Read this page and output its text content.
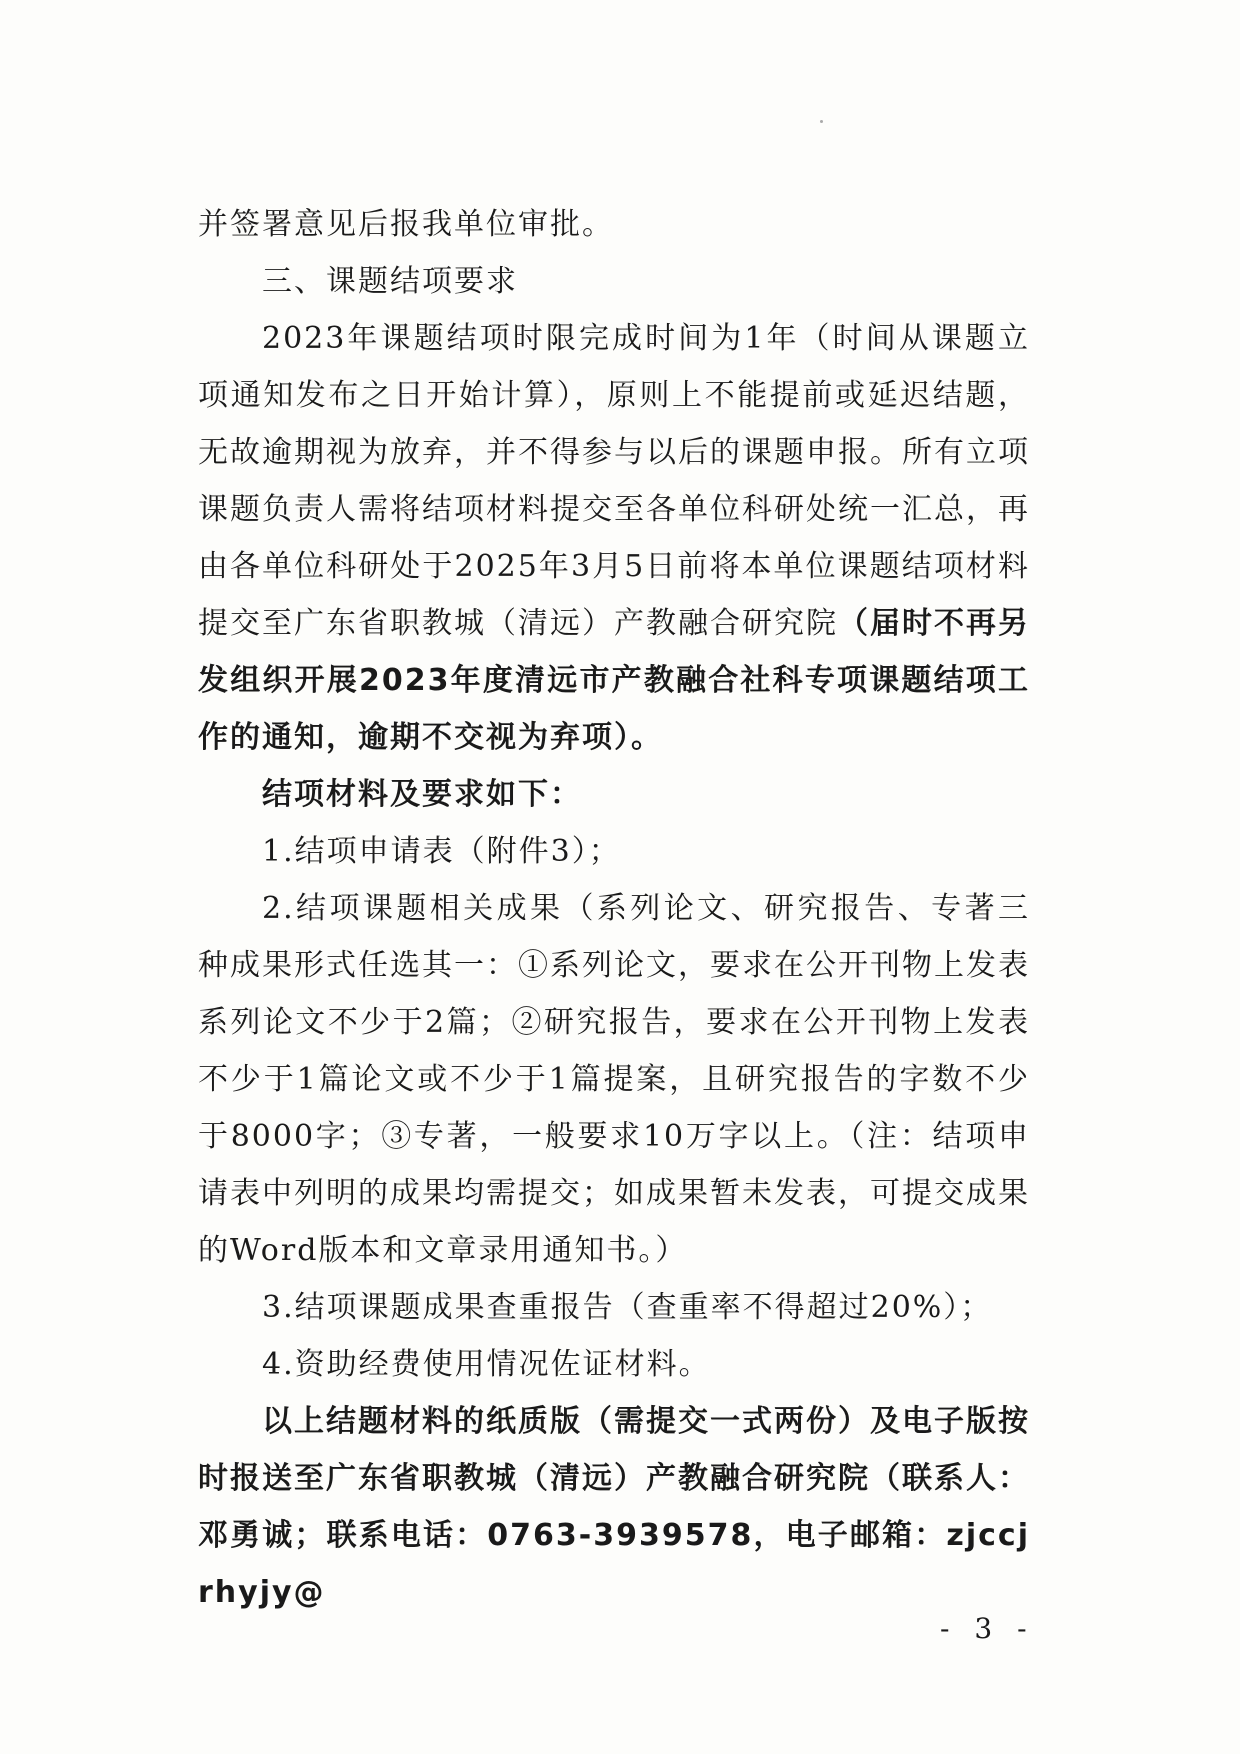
并签署意见后报我单位审批。

三、课题结项要求

2023年课题结项时限完成时间为1年（时间从课题立项通知发布之日开始计算），原则上不能提前或延迟结题，无故逾期视为放弃，并不得参与以后的课题申报。所有立项课题负责人需将结项材料提交至各单位科研处统一汇总，再由各单位科研处于2025年3月5日前将本单位课题结项材料提交至广东省职教城（清远）产教融合研究院（届时不再另发组织开展2023年度清远市产教融合社科专项课题结项工作的通知，逾期不交视为弃项）。

结项材料及要求如下：

1.结项申请表（附件3）；

2.结项课题相关成果（系列论文、研究报告、专著三种成果形式任选其一：①系列论文，要求在公开刊物上发表系列论文不少于2篇；②研究报告，要求在公开刊物上发表不少于1篇论文或不少于1篇提案，且研究报告的字数不少于8000字；③专著，一般要求10万字以上。（注：结项申请表中列明的成果均需提交；如成果暂未发表，可提交成果的Word版本和文章录用通知书。）

3.结项课题成果查重报告（查重率不得超过20%）；

4.资助经费使用情况佐证材料。

以上结题材料的纸质版（需提交一式两份）及电子版按时报送至广东省职教城（清远）产教融合研究院（联系人：邓勇诚；联系电话：0763-3939578，电子邮箱：zjccjrhyjy@

- 3 -
